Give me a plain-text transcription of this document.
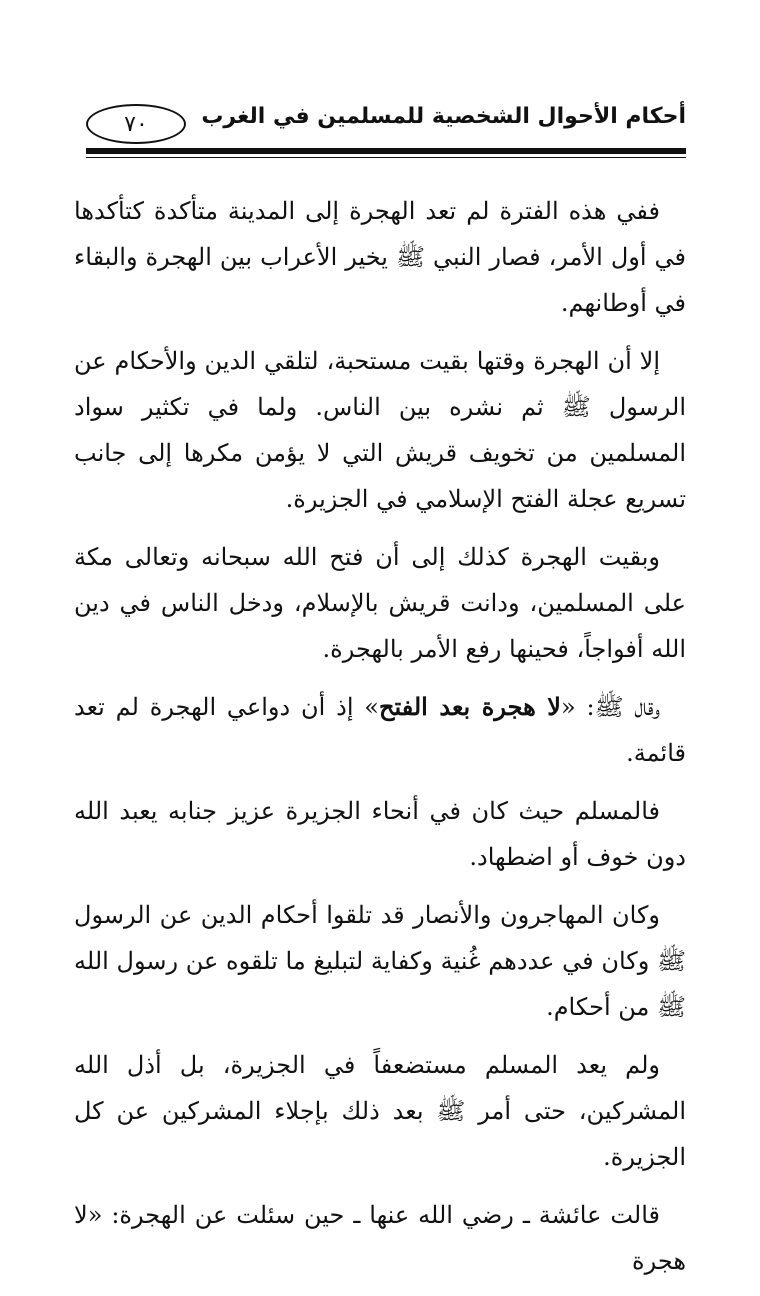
٧٠	أحكام الأحوال الشخصية للمسلمين في الغرب

ففي هذه الفترة لم تعد الهجرة إلى المدينة متأكدة كتأكدها في أول الأمر، فصار النبي ﷺ يخير الأعراب بين الهجرة والبقاء في أوطانهم.

إلا أن الهجرة وقتها بقيت مستحبة، لتلقي الدين والأحكام عن الرسول ﷺ ثم نشره بين الناس. ولما في تكثير سواد المسلمين من تخويف قريش التي لا يؤمن مكرها إلى جانب تسريع عجلة الفتح الإسلامي في الجزيرة.

وبقيت الهجرة كذلك إلى أن فتح الله سبحانه وتعالى مكة على المسلمين، ودانت قريش بالإسلام، ودخل الناس في دين الله أفواجاً، فحينها رفع الأمر بالهجرة.

وقال ﷺ: «لا هجرة بعد الفتح» إذ أن دواعي الهجرة لم تعد قائمة.

فالمسلم حيث كان في أنحاء الجزيرة عزيز جنابه يعبد الله دون خوف أو اضطهاد.

وكان المهاجرون والأنصار قد تلقوا أحكام الدين عن الرسول ﷺ وكان في عددهم غُنية وكفاية لتبليغ ما تلقوه عن رسول الله ﷺ من أحكام.

ولم يعد المسلم مستضعفاً في الجزيرة، بل أذل الله المشركين، حتى أمر ﷺ بعد ذلك بإجلاء المشركين عن كل الجزيرة.

قالت عائشة ـ رضي الله عنها ـ حين سئلت عن الهجرة: «لا هجرة
